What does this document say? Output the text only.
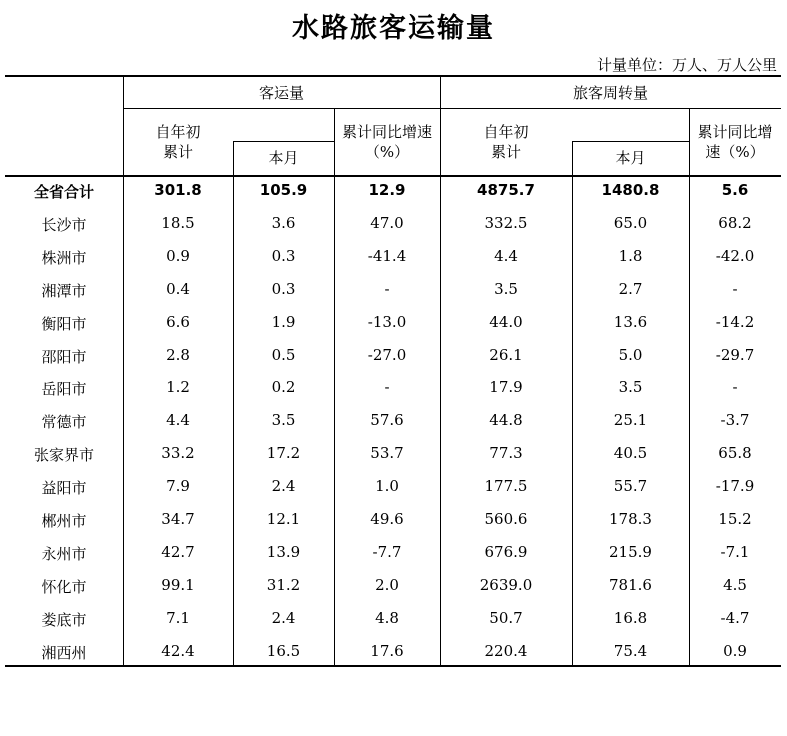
水路旅客运输量
计量单位：万人、万人公里
客运量	旅客周转量
自年初
累计	本月
累计同比增速
（%）
自年初
累计	本月
累计同比增
速（%）
全省合计	301.8	105.9	12.9	4875.7	1480.8	5.6
长沙市	18.5	3.6	47.0	332.5	65.0	68.2
株洲市	0.9	0.3	-41.4	4.4	1.8	-42.0
湘潭市	0.4	0.3	-	3.5	2.7	-
衡阳市	6.6	1.9	-13.0	44.0	13.6	-14.2
邵阳市	2.8	0.5	-27.0	26.1	5.0	-29.7
岳阳市	1.2	0.2	-	17.9	3.5	-
常德市	4.4	3.5	57.6	44.8	25.1	-3.7
张家界市	33.2	17.2	53.7	77.3	40.5	65.8
益阳市	7.9	2.4	1.0	177.5	55.7	-17.9
郴州市	34.7	12.1	49.6	560.6	178.3	15.2
永州市	42.7	13.9	-7.7	676.9	215.9	-7.1
怀化市	99.1	31.2	2.0	2639.0	781.6	4.5
娄底市	7.1	2.4	4.8	50.7	16.8	-4.7
湘西州	42.4	16.5	17.6	220.4	75.4	0.9
